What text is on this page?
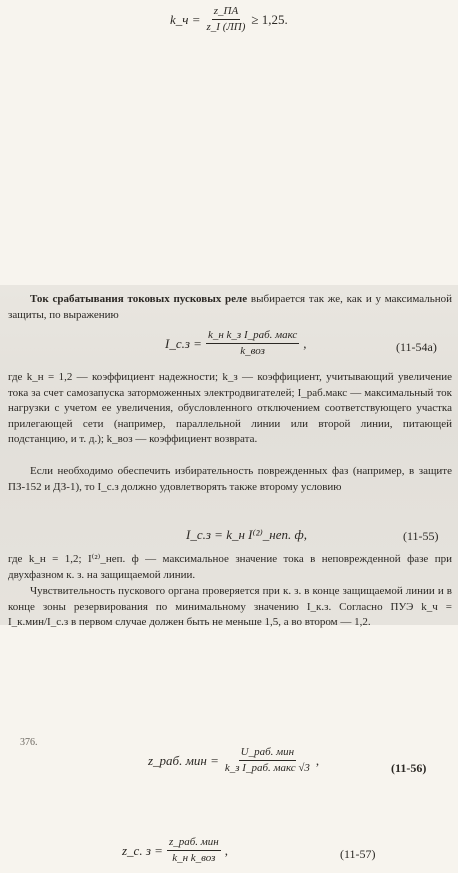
k_ч = $\frac{z\_ПА}{z\_I (ЛП)} \ge 1,25$.

Ток срабатывания токовых пусковых реле выбирается так же, как и у максимальной защиты, по выражению

I_с.з = $\frac{\text{k\_н k\_з I\_раб. макс}}{\text{k\_воз}}$ ,	(11-54а)

где k_н = 1,2 — коэффициент надежности; k_з — коэффициент, учитывающий увеличение тока за счет самозапуска заторможенных электродвигателей; I_раб.макс — максимальный ток нагрузки с учетом ее увеличения, обусловленного отключением соответствующего участка прилегающей сети (например, параллельной линии или второй линии, питающей подстанцию, и т. д.); k_воз — коэффициент возврата.

Если необходимо обеспечить избирательность поврежденных фаз (например, в защите ПЗ-152 и ДЗ-1), то I_с.з должно удовлетворять также второму условию

I_с.з = k_н I⁽²⁾_неп. ф,	(11-55)

где k_н = 1,2; I⁽²⁾_неп. ф — максимальное значение тока в неповрежденной фазе при двухфазном к. з. на защищаемой линии.

Чувствительность пускового органа проверяется при к. з. в конце защищаемой линии и в конце зоны резервирования по минимальному значению I_к.з. Согласно ПУЭ k_ч = I_к.мин/I_с.з в первом случае должен быть не меньше 1,5, а во втором — 1,2.

376.
z_раб. мин = $\frac{\text{U\_раб. мин}}{\text{k\_з I\_раб. макс √3}}$ ,
(11-56)
z_с. $з = \frac{\text{z\_раб. мин}}{\text{k\_н k\_воз}}$ ,	(11-57)
